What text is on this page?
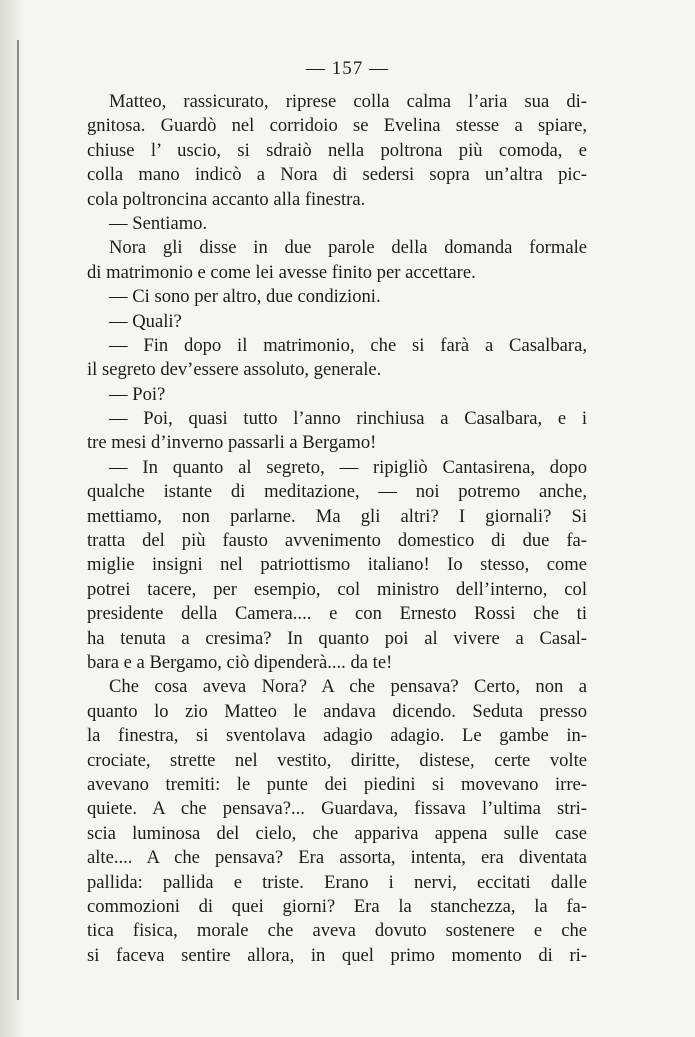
— 157 —
Matteo, rassicurato, riprese colla calma l’aria sua di-
gnitosa. Guardò nel corridoio se Evelina stesse a spiare,
chiuse l’ uscio, si sdraiò nella poltrona più comoda, e
colla mano indicò a Nora di sedersi sopra un’altra pic-
cola poltroncina accanto alla finestra.
— Sentiamo.
Nora gli disse in due parole della domanda formale
di matrimonio e come lei avesse finito per accettare.
— Ci sono per altro, due condizioni.
— Quali?
— Fin dopo il matrimonio, che si farà a Casalbara,
il segreto dev’essere assoluto, generale.
— Poi?
— Poi, quasi tutto l’anno rinchiusa a Casalbara, e i
tre mesi d’inverno passarli a Bergamo!
— In quanto al segreto, — ripigliò Cantasirena, dopo
qualche istante di meditazione, — noi potremo anche,
mettiamo, non parlarne. Ma gli altri? I giornali? Si
tratta del più fausto avvenimento domestico di due fa-
miglie insigni nel patriottismo italiano! Io stesso, come
potrei tacere, per esempio, col ministro dell’interno, col
presidente della Camera.... e con Ernesto Rossi che ti
ha tenuta a cresima? In quanto poi al vivere a Casal-
bara e a Bergamo, ciò dipenderà.... da te!
Che cosa aveva Nora? A che pensava? Certo, non a
quanto lo zio Matteo le andava dicendo. Seduta presso
la finestra, si sventolava adagio adagio. Le gambe in-
crociate, strette nel vestito, diritte, distese, certe volte
avevano tremiti: le punte dei piedini si movevano irre-
quiete. A che pensava?... Guardava, fissava l’ultima stri-
scia luminosa del cielo, che appariva appena sulle case
alte.... A che pensava? Era assorta, intenta, era diventata
pallida: pallida e triste. Erano i nervi, eccitati dalle
commozioni di quei giorni? Era la stanchezza, la fa-
tica fisica, morale che aveva dovuto sostenere e che
si faceva sentire allora, in quel primo momento di ri-
